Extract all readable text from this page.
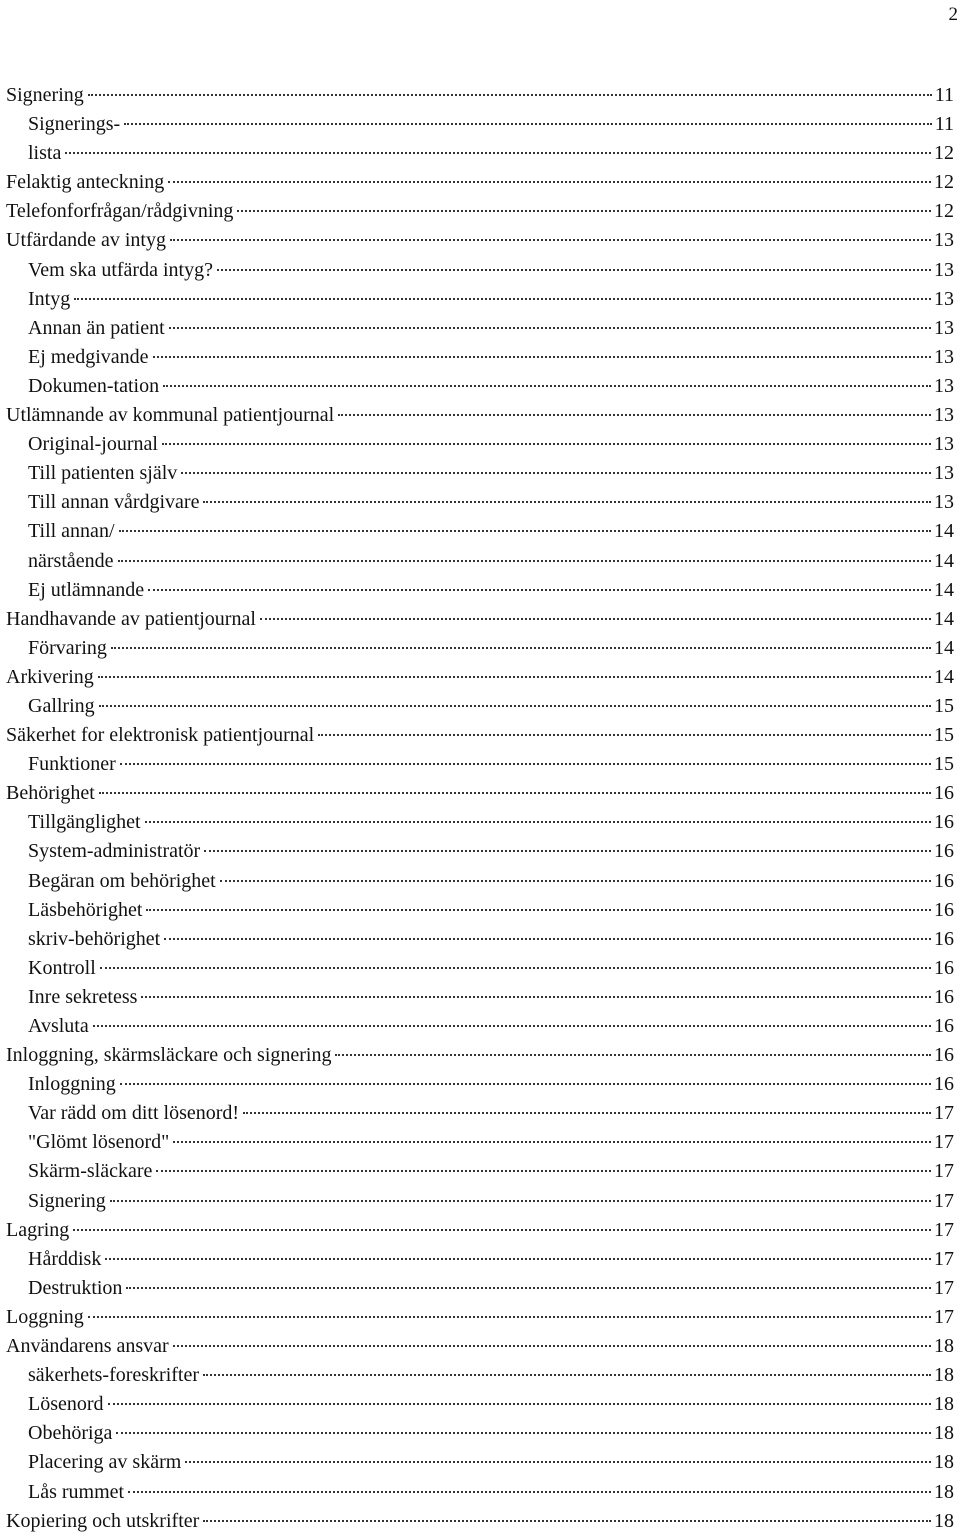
2
Signering	11
Signerings-	11
lista	12
Felaktig anteckning	12
Telefonforfrågan/rådgivning	12
Utfärdande av intyg	13
Vem ska utfärda intyg?	13
Intyg	13
Annan än patient	13
Ej medgivande	13
Dokumen-tation	13
Utlämnande av kommunal patientjournal	13
Original-journal	13
Till patienten själv	13
Till annan vårdgivare	13
Till annan/	14
närstående	14
Ej utlämnande	14
Handhavande av patientjournal	14
Förvaring	14
Arkivering	14
Gallring	15
Säkerhet for elektronisk patientjournal	15
Funktioner	15
Behörighet	16
Tillgänglighet	16
System-administratör	16
Begäran om behörighet	16
Läsbehörighet	16
skriv-behörighet	16
Kontroll	16
Inre sekretess	16
Avsluta	16
Inloggning, skärmsläckare och signering	16
Inloggning	16
Var rädd om ditt lösenord!	17
"Glömt lösenord"	17
Skärm-släckare	17
Signering	17
Lagring	17
Hårddisk	17
Destruktion	17
Loggning	17
Användarens ansvar	18
säkerhets-foreskrifter	18
Lösenord	18
Obehöriga	18
Placering av skärm	18
Lås rummet	18
Kopiering och utskrifter	18
